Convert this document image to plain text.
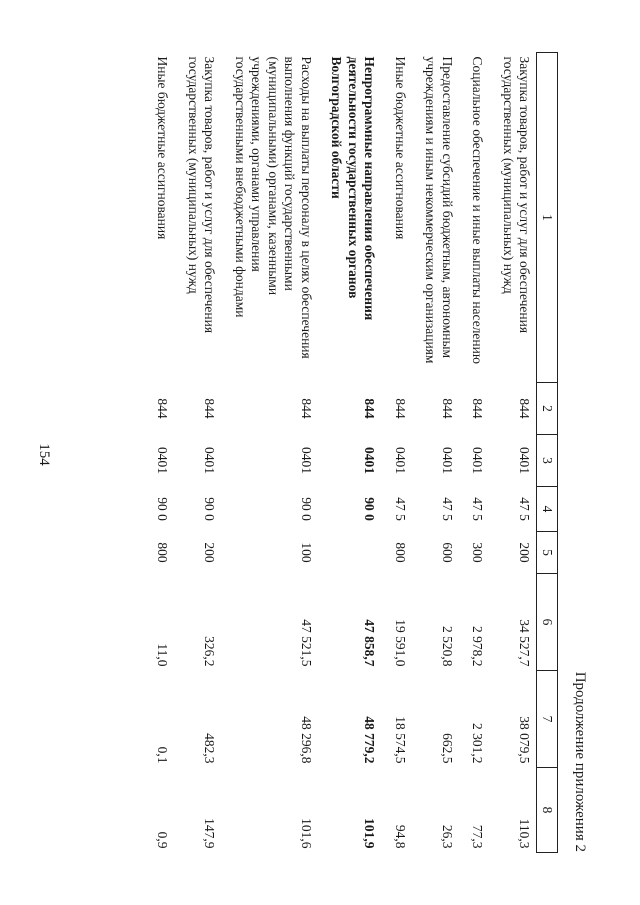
154
Продолжение приложения 2
1	2	3	4	5	6	7	8
Закупка товаров, работ и услуг для обеспечения государственных (муниципальных) нужд	844	0401	47 5	200	34 527,7	38 079,5	110,3
Социальное обеспечение и иные выплаты населению	844	0401	47 5	300	2 978,2	2 301,2	77,3
Предоставление субсидий бюджетным, автономным учреждениям и иным некоммерческим организациям	844	0401	47 5	600	2 520,8	662,5	26,3
Иные бюджетные ассигнования	844	0401	47 5	800	19 591,0	18 574,5	94,8
Непрограммные направления обеспечения деятельности государственных органов Волгоградской области	844	0401	90 0		47 858,7	48 779,2	101,9
Расходы на выплаты персоналу в целях обеспечения выполнения функций государственными (муниципальными) органами, казенными учреждениями, органами управления государственными внебюджетными фондами	844	0401	90 0	100	47 521,5	48 296,8	101,6
Закупка товаров, работ и услуг для обеспечения государственных (муниципальных) нужд	844	0401	90 0	200	326,2	482,3	147,9
Иные бюджетные ассигнования	844	0401	90 0	800	11,0	0,1	0,9
